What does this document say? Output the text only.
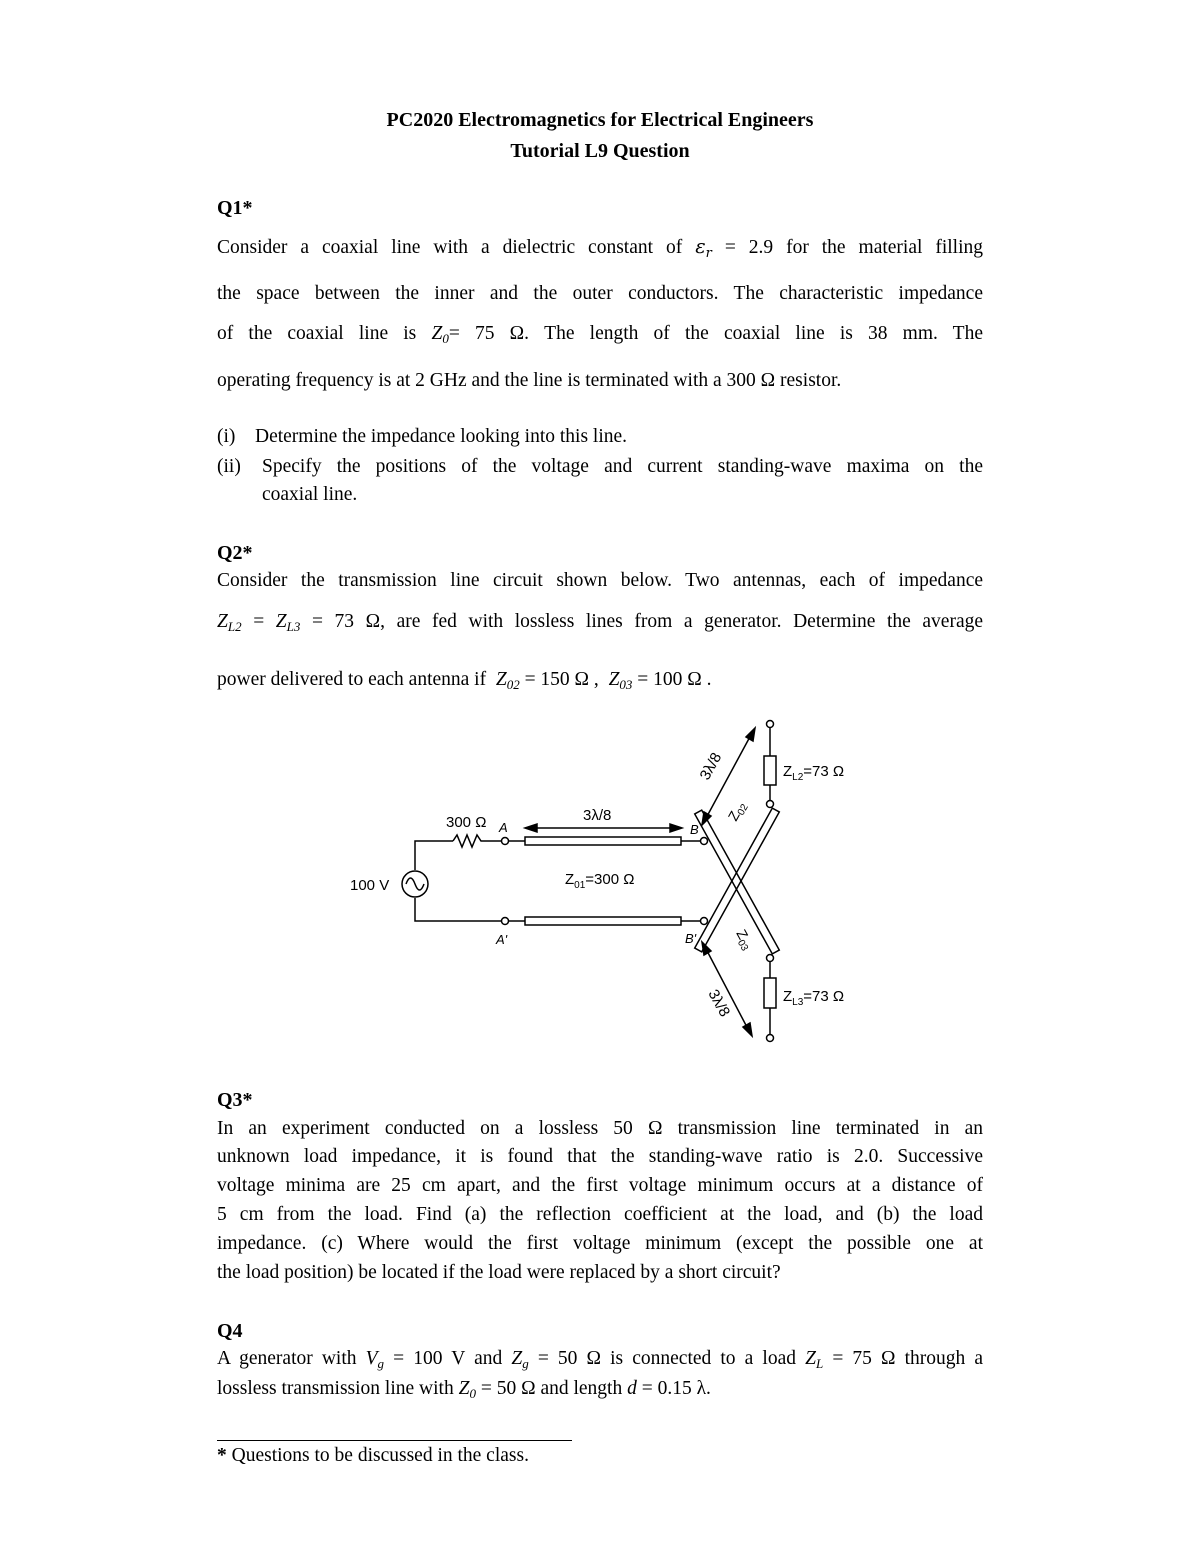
PC2020 Electromagnetics for Electrical Engineers
Tutorial L9 Question
Q1*
Consider a coaxial line with a dielectric constant of $\varepsilon_r = 2.9$ for the material filling
the space between the inner and the outer conductors. The characteristic impedance
of the coaxial line is $Z_0= 75$ Ω. The length of the coaxial line is 38 mm. The
operating frequency is at 2 GHz and the line is terminated with a 300 Ω resistor.
(i) Determine the impedance looking into this line.
(ii) Specify the positions of the voltage and current standing-wave maxima on the
coaxial line.
Q2*
Consider the transmission line circuit shown below. Two antennas, each of impedance
$Z_{L2} = Z_{L3} = 73$ Ω, are fed with lossless lines from a generator. Determine the average
power delivered to each antenna if $Z_{02} = 150$ Ω , $Z_{03} = 100$ Ω .
100 V
300 Ω A
A'
B
B'
3λ/8
$Z_{01}=300$ Ω
3λ/8
3λ/8
$Z_{02}$
$Z_{03}$
$Z_{L2}=73$ Ω
$Z_{L3}=73$ Ω
Q3*
In an experiment conducted on a lossless 50 Ω transmission line terminated in an
unknown load impedance, it is found that the standing-wave ratio is 2.0. Successive
voltage minima are 25 cm apart, and the first voltage minimum occurs at a distance of
5 cm from the load. Find (a) the reflection coefficient at the load, and (b) the load
impedance. (c) Where would the first voltage minimum (except the possible one at
the load position) be located if the load were replaced by a short circuit?
Q4
A generator with $V_g = 100$ V and $Z_g = 50$ Ω is connected to a load $Z_L = 75$ Ω through a
lossless transmission line with $Z_0 = 50$ Ω and length d = 0.15 λ.
* Questions to be discussed in the class.
